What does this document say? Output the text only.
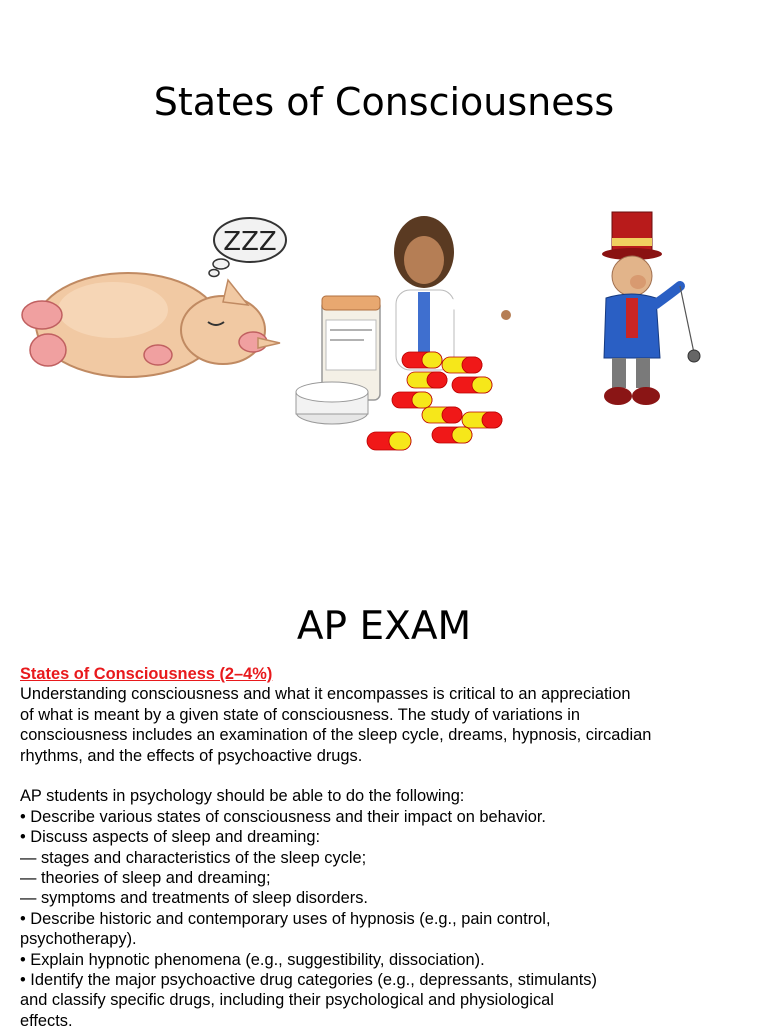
States of Consciousness
ZZZ
AP EXAM

States of Consciousness (2–4%)

Understanding consciousness and what it encompasses is critical to an appreciation

of what is meant by a given state of consciousness. The study of variations in

consciousness includes an examination of the sleep cycle, dreams, hypnosis, circadian

rhythms, and the effects of psychoactive drugs.

AP students in psychology should be able to do the following:

• Describe various states of consciousness and their impact on behavior.

• Discuss aspects of sleep and dreaming:

— stages and characteristics of the sleep cycle;

— theories of sleep and dreaming;

— symptoms and treatments of sleep disorders.

• Describe historic and contemporary uses of hypnosis (e.g., pain control,

psychotherapy).

• Explain hypnotic phenomena (e.g., suggestibility, dissociation).

• Identify the major psychoactive drug categories (e.g., depressants, stimulants)

and classify specific drugs, including their psychological and physiological

effects.
